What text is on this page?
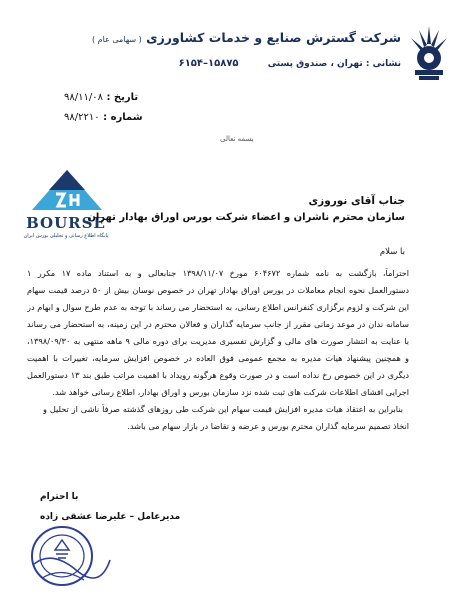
شرکت گسترش صنایع و خدمات کشاورزی ( سهامی عام )
نشانی : تهران ، صندوق پستی ۱۵۸۷۵–۶۱۵۴
تاریخ : ۹۸/۱۱/۰۸
شماره : ۹۸/۲۲۱۰
بسمه تعالی
BOURSE
پایگاه اطلاع رسانی و تحلیلی بورس ایران
جناب آقای نوروزی
سازمان محترم ناشران و اعضاء شرکت بورس اوراق بهادار تهران
با سلام
احتراماً، بازگشت به نامه شماره ۶۰۴۶۷۲ مورخ ۱۳۹۸/۱۱/۰۷ جنابعالی و به استناد ماده ۱۷ مکرر ۱
دستورالعمل نحوه انجام معاملات در بورس اوراق بهادار تهران در خصوص نوسان بیش از ۵۰ درصد قیمت سهام
این شرکت و لزوم برگزاری کنفرانس اطلاع رسانی، به استحضار می رساند با توجه به عدم طرح سوال و ابهام در
سامانه ندان در موعد زمانی مقرر از جانب سرمایه گذاران و فعالان محترم در این زمینه، به استحضار می رساند
با عنایت به انتشار صورت های مالی و گزارش تفسیری مدیریت برای دوره مالی ۹ ماهه منتهی به ۱۳۹۸/۰۹/۳۰،
و همچنین پیشنهاد هیات مدیره به مجمع عمومی فوق العاده در خصوص افزایش سرمایه، تغییرات با اهمیت
دیگری در این خصوص رخ نداده است و در صورت وقوع هرگونه رویداد با اهمیت مراتب طبق بند ۱۳ دستورالعمل
اجرایی افشای اطلاعات شرکت های ثبت شده نزد سازمان بورس و اوراق بهادار، اطلاع رسانی خواهد شد.
بنابراین به اعتقاد هیات مدیره افزایش قیمت سهام این شرکت طی روزهای گذشته صرفاً ناشی از تحلیل و
انخاذ تصمیم سرمایه گذاران محترم بورس و عرضه و تقاضا در بازار سهام می باشد.
با احترام
مدیرعامل – علیرضا عشقی زاده
